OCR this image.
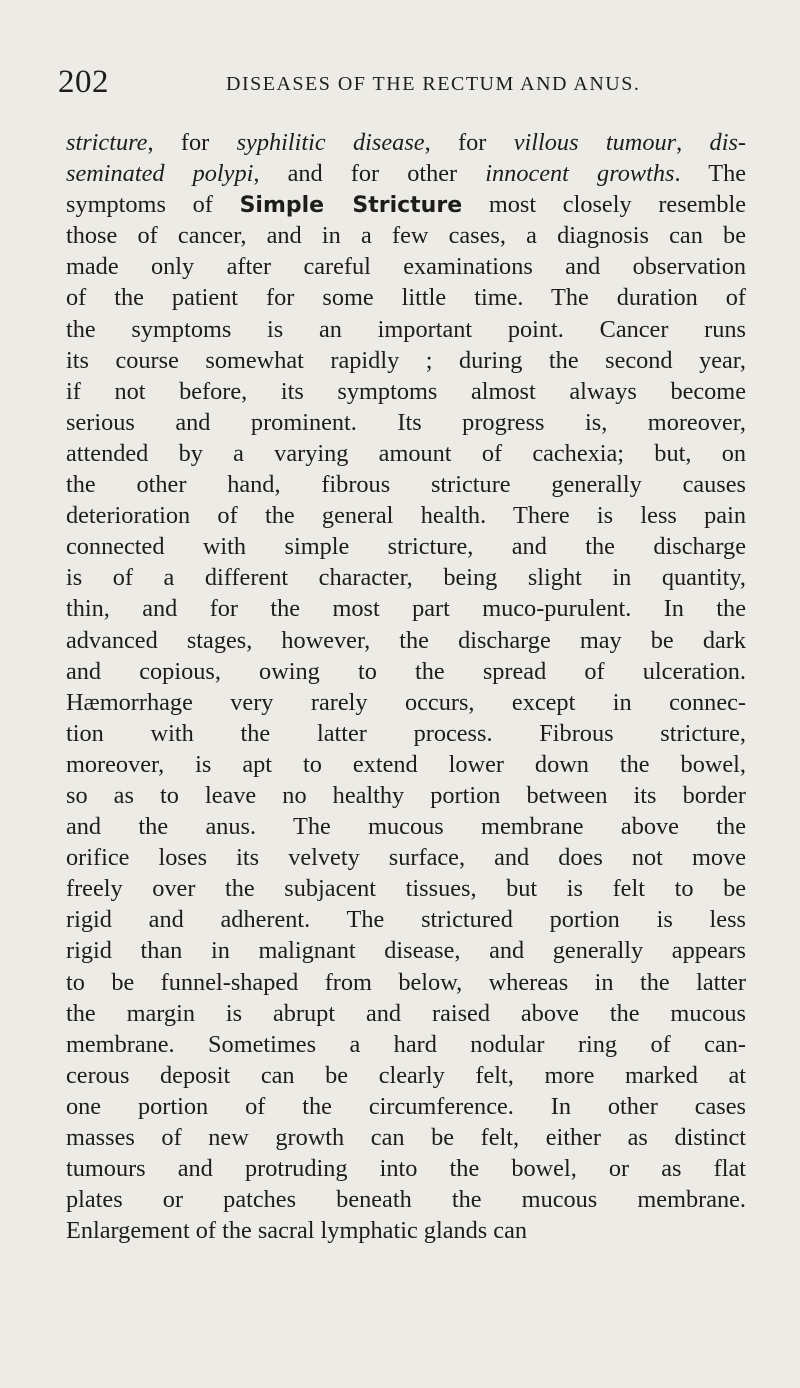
202	DISEASES OF THE RECTUM AND ANUS.
stricture, for syphilitic disease, for villous tumour, dis-
seminated polypi, and for other innocent growths. The
symptoms of Simple Stricture most closely resemble
those of cancer, and in a few cases, a diagnosis can be
made only after careful examinations and observation
of the patient for some little time. The duration of
the symptoms is an important point. Cancer runs
its course somewhat rapidly ; during the second year,
if not before, its symptoms almost always become
serious and prominent. Its progress is, moreover,
attended by a varying amount of cachexia; but, on
the other hand, fibrous stricture generally causes
deterioration of the general health. There is less pain
connected with simple stricture, and the discharge
is of a different character, being slight in quantity,
thin, and for the most part muco-purulent. In the
advanced stages, however, the discharge may be dark
and copious, owing to the spread of ulceration.
Hæmorrhage very rarely occurs, except in connec-
tion with the latter process. Fibrous stricture,
moreover, is apt to extend lower down the bowel,
so as to leave no healthy portion between its border
and the anus. The mucous membrane above the
orifice loses its velvety surface, and does not move
freely over the subjacent tissues, but is felt to be
rigid and adherent. The strictured portion is less
rigid than in malignant disease, and generally appears
to be funnel-shaped from below, whereas in the latter
the margin is abrupt and raised above the mucous
membrane. Sometimes a hard nodular ring of can-
cerous deposit can be clearly felt, more marked at
one portion of the circumference. In other cases
masses of new growth can be felt, either as distinct
tumours and protruding into the bowel, or as flat
plates or patches beneath the mucous membrane.
Enlargement of the sacral lymphatic glands can
